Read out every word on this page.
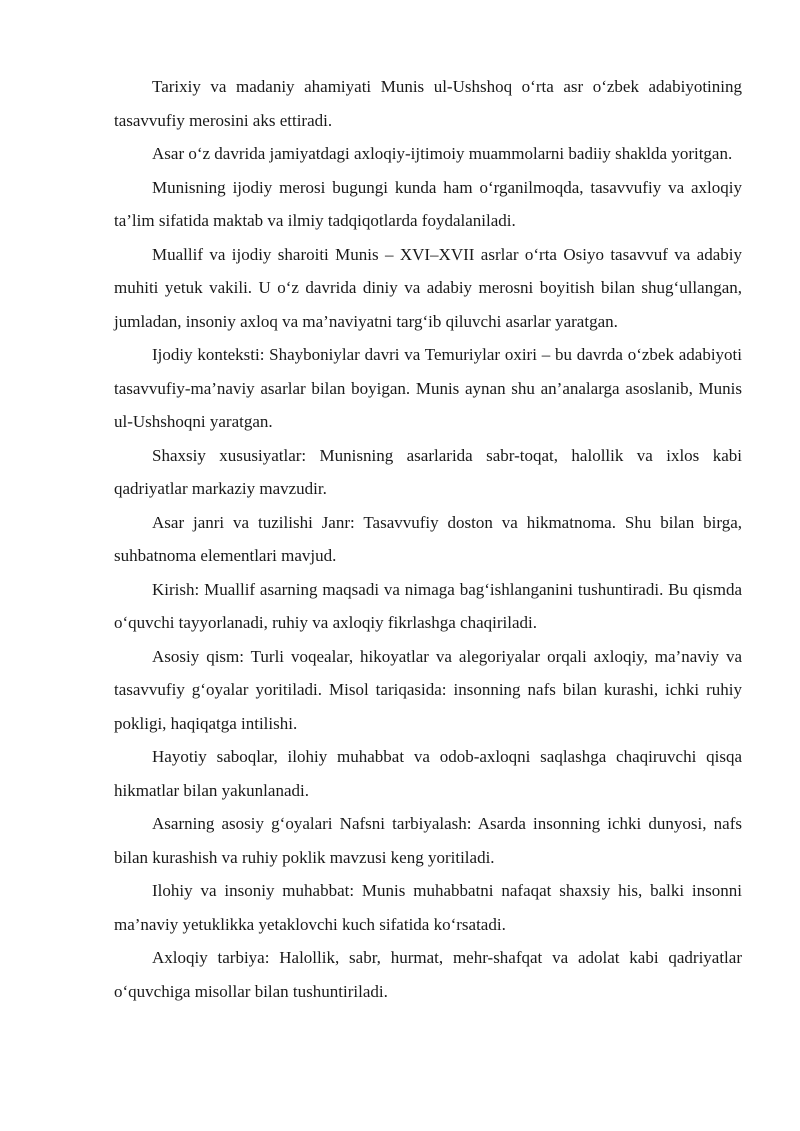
Tarixiy va madaniy ahamiyati Munis ul-Ushshoq o‘rta asr o‘zbek adabiyotining tasavvufiy merosini aks ettiradi.

Asar o‘z davrida jamiyatdagi axloqiy-ijtimoiy muammolarni badiiy shaklda yoritgan.

Munisning ijodiy merosi bugungi kunda ham o‘rganilmoqda, tasavvufiy va axloqiy ta’lim sifatida maktab va ilmiy tadqiqotlarda foydalaniladi.

Muallif va ijodiy sharoiti Munis – XVI–XVII asrlar o‘rta Osiyo tasavvuf va adabiy muhiti yetuk vakili. U o‘z davrida diniy va adabiy merosni boyitish bilan shug‘ullangan, jumladan, insoniy axloq va ma’naviyatni targ‘ib qiluvchi asarlar yaratgan.

Ijodiy konteksti: Shayboniylar davri va Temuriylar oxiri – bu davrda o‘zbek adabiyoti tasavvufiy-ma’naviy asarlar bilan boyigan. Munis aynan shu an’analarga asoslanib, Munis ul-Ushshoqni yaratgan.

Shaxsiy xususiyatlar: Munisning asarlarida sabr-toqat, halollik va ixlos kabi qadriyatlar markaziy mavzudir.

Asar janri va tuzilishi Janr: Tasavvufiy doston va hikmatnoma. Shu bilan birga, suhbatnoma elementlari mavjud.

Kirish: Muallif asarning maqsadi va nimaga bag‘ishlanganini tushuntiradi. Bu qismda o‘quvchi tayyorlanadi, ruhiy va axloqiy fikrlashga chaqiriladi.

Asosiy qism: Turli voqealar, hikoyatlar va alegoriyalar orqali axloqiy, ma’naviy va tasavvufiy g‘oyalar yoritiladi. Misol tariqasida: insonning nafs bilan kurashi, ichki ruhiy pokligi, haqiqatga intilishi.

Hayotiy saboqlar, ilohiy muhabbat va odob-axloqni saqlashga chaqiruvchi qisqa hikmatlar bilan yakunlanadi.

Asarning asosiy g‘oyalari Nafsni tarbiyalash: Asarda insonning ichki dunyosi, nafs bilan kurashish va ruhiy poklik mavzusi keng yoritiladi.

Ilohiy va insoniy muhabbat: Munis muhabbatni nafaqat shaxsiy his, balki insonni ma’naviy yetuklikka yetaklovchi kuch sifatida ko‘rsatadi.

Axloqiy tarbiya: Halollik, sabr, hurmat, mehr-shafqat va adolat kabi qadriyatlar o‘quvchiga misollar bilan tushuntiriladi.
